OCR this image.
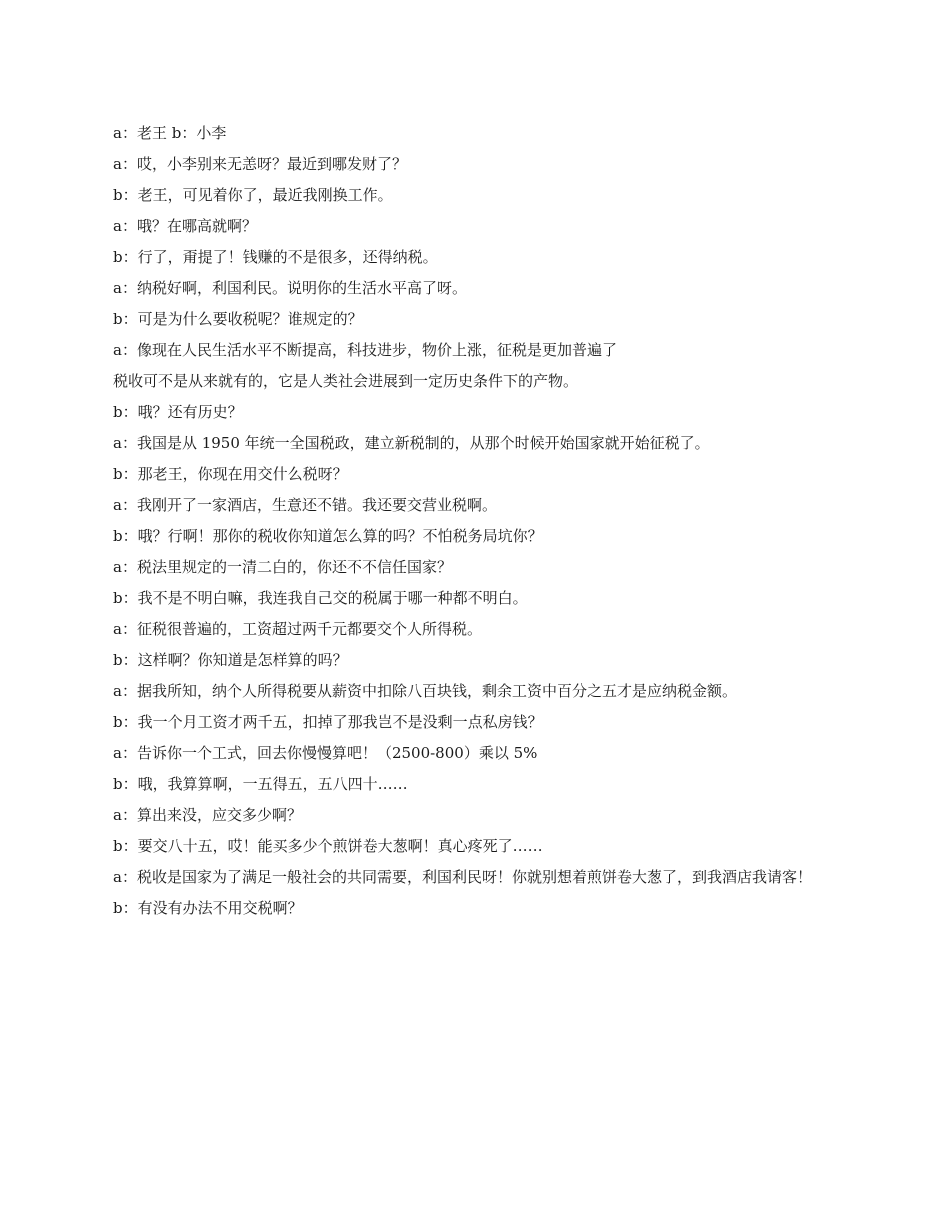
a：老王 b：小李

a：哎，小李别来无恙呀？最近到哪发财了？

b：老王，可见着你了，最近我刚换工作。

a：哦？在哪高就啊？

b：行了，甭提了！钱赚的不是很多，还得纳税。

a：纳税好啊，利国利民。说明你的生活水平高了呀。

b：可是为什么要收税呢？谁规定的？

a：像现在人民生活水平不断提高，科技进步，物价上涨，征税是更加普遍了

税收可不是从来就有的，它是人类社会进展到一定历史条件下的产物。

b：哦？还有历史？

a：我国是从 1950 年统一全国税政，建立新税制的，从那个时候开始国家就开始征税了。

b：那老王，你现在用交什么税呀？

a：我刚开了一家酒店，生意还不错。我还要交营业税啊。

b：哦？行啊！那你的税收你知道怎么算的吗？不怕税务局坑你？

a：税法里规定的一清二白的，你还不不信任国家？

b：我不是不明白嘛，我连我自己交的税属于哪一种都不明白。

a：征税很普遍的，工资超过两千元都要交个人所得税。

b：这样啊？你知道是怎样算的吗？

a：据我所知，纳个人所得税要从薪资中扣除八百块钱，剩余工资中百分之五才是应纳税金额。

b：我一个月工资才两千五，扣掉了那我岂不是没剩一点私房钱？

a：告诉你一个工式，回去你慢慢算吧！（2500-800）乘以 5%

b：哦，我算算啊，一五得五，五八四十……

a：算出来没，应交多少啊？

b：要交八十五，哎！能买多少个煎饼卷大葱啊！真心疼死了……

a：税收是国家为了满足一般社会的共同需要，利国利民呀！你就别想着煎饼卷大葱了，到我酒店我请客！

b：有没有办法不用交税啊？
